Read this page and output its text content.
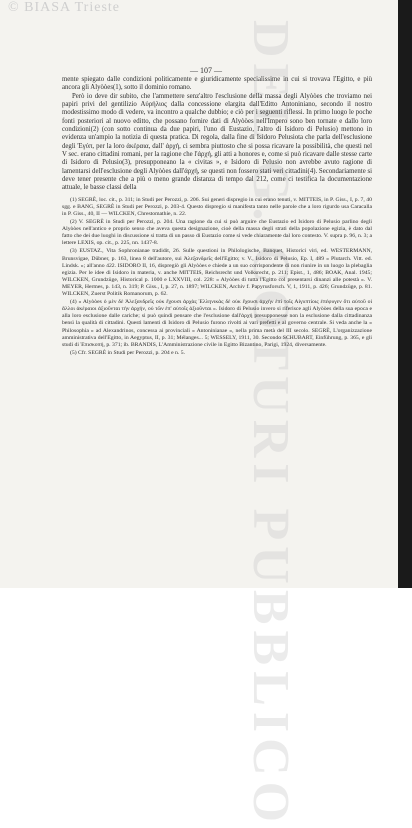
© BIASA Trieste
DEL G. COTURI PUBBLICO
— 107 —

mente spiegato dalle condizioni politicamente e giuridicamente specialissime in cui si trovava l'Egitto, e più ancora gli Alyòòes(1), sotto il dominio romano.

Però io deve dir subito, che l'ammettere senz'altro l'esclusione della massa degli Alyòòes che troviamo nei papiri privi del gentilizio Aὐρήλιος dalla concessione elargita dall'Editto Antoniniano, secondo il nostro modestissimo modo di vedere, va incontro a qualche dubbio; e ciò per i seguenti riflessi. In primo luogo le poche fonti posteriori al nuovo editto, che possano fornire dati di Alyòòes nell'Impero sono ben tornate e dallo loro condizioni(2) (con sotto continua da due papiri, l'uno di Eustazio, l'altro di Isidoro di Pelusio) mettono in evidenza un'ampio la notizia di questa pratica. Di regola, dalla fine di Isidoro Pelusiota che parla dell'esclusione degli Ἐγύπ, per la loro ἀκέραια, dall' ἀρχή, ci sembra piuttosto che si possa ricavare la possibilità, che questi nel V sec. erano cittadini romani, per la ragione che l'ἀρχή, gli atti a honores e, come si può ricavare dalle stesse carte di Isidoro di Pelusio(3), presupponeano la « civitas », e Isidoro di Pelusio non avrebbe avuto ragione di lamentarsi dell'esclusione degli Alyòòes dall'ἀρχή, se questi non fossero stati veri cittadini(4). Secondariamente si deve tener presente che a più o meno grande distanza di tempo dal 212, come ci testifica la documentazione attuale, le basse classi della

(1) SEGRÈ, loc. cit., p. 311; in Studi per Perozzi, p. 206. Sui generi dispregio in cui erano tenuti, v. MITTEIS, in P. Giss., I, p. 7, 40 sgg. e BANG, SEGRÈ in Studi per Perozzi, p. 203-4. Questo dispregio si manifesta tanto nelle parole che a loro rigurdo usa Caracalla in P. Giss., 40, II — WILCKEN, Chrestomathie, n. 22.

(2) V. SEGRÈ in Studi per Perozzi, p. 204. Una ragione da cui si può arguire che Eustazio ed Isidoro di Pelusio parlino degli Alyòòes nell'antico e proprio senso che aveva questa designazione, cioè della massa degli strati della popolazione egizia, è dato dal fatto che dei due luoghi in discussione si tratta di un passo di Eustazio come si vede chiaramente dal loro contesto. V. supra p. 96, n. 3; a lettere LEXIS, op. cit., p. 225, nn. 1437-8.

(3) EUSTAZ., Vita Sophronianae tradidit, 26. Sulle questioni in Philologische, Banquet, Historici viri, ed. WESTERMANN, Brunsvigae, Dübner, p. 163, linea 8 dell'autore, sui Ἀλεξανδρεῖς dell'Egitto; v. V., Isidoro di Pelusio, Ep. I, 489 « Plutarch. Vitt. ed. Lindsk. »; all'anno 422. ISIDORO II, 16, dispregiò gli Alyòòes e chiede a un suo corrispondente di non riunire in un luogo la plebaglia egizia. Per le idee di Isidoro in materia, v. anche MITTEIS, Reichsrecht und Volksrecht, p. 211; Epist., 1, 486; BOAK, Anal. 1945; WILCKEN, Grundzüge, Historical p. 1000 e LXXVIII, col. 228: « Alyòòes di tutta l'Egitto col presentarsi dinanzi alle potestà ». V. MEYER, Hermes, p. 143, n. 319; P. Giss., I, p. 27, n. 1897; WILCKEN, Archiv f. Papyrusforsch. V, 1, 1911, p. 426; Grundzüge, p. 81. WILCKEN, Zuerst Politik Romanorum, p. 62.

(4) « Alyòòes ὁ μὲν δὲ Ἀλεξανδρεῖς οὐκ ἔχουσι ἀρχὰς Ἑλληνικὰς δὲ οὐκ ἔχουσι ἀρχὴν ἐπί τοῖς Αἰγυπτίοις ἐπέφυγεν ὅτι αὐτοῦ οἱ ἄλλοι ἀκέραιοι ἀξιοῦνται τὴν ἀρχήν, οὐ τῶν ἐπ' αὐτοῖς ἀξιοῦνται ». Isidoro di Pelusio invero si riferisce agli Alyòòes della sua epoca e alla loro esclusione dalle cariche; si può quindi pensare che l'esclusione dall'ἀρχή presupponesse non la esclusione dalla cittadinanza bensì la qualità di cittadini. Questi lamenti di Isidoro di Pelusio furono rivolti ai vari prefetti e al governo centrale. Si veda anche la « Philosophia » ad Alexandrinos, concessa ai provinciali « Antoninianae », nella prima metà del III secolo. SEGRÈ, L'organizzazione amministrativa dell'Egitto, in Aegyptus, II, p. 31; Mélanges... 5; WESSELY, 1911, 30. Secondo SCHUBART, Einführung, p. 365, e gli studi di Ἐπισκοπή, p. 371; ib. BRANDIS, L'Amministrazione civile in Egitto Bizantino, Parigi, 1924, diversamente.

(5) Cfr. SEGRÈ in Studi per Perozzi, p. 204 e n. 5.
